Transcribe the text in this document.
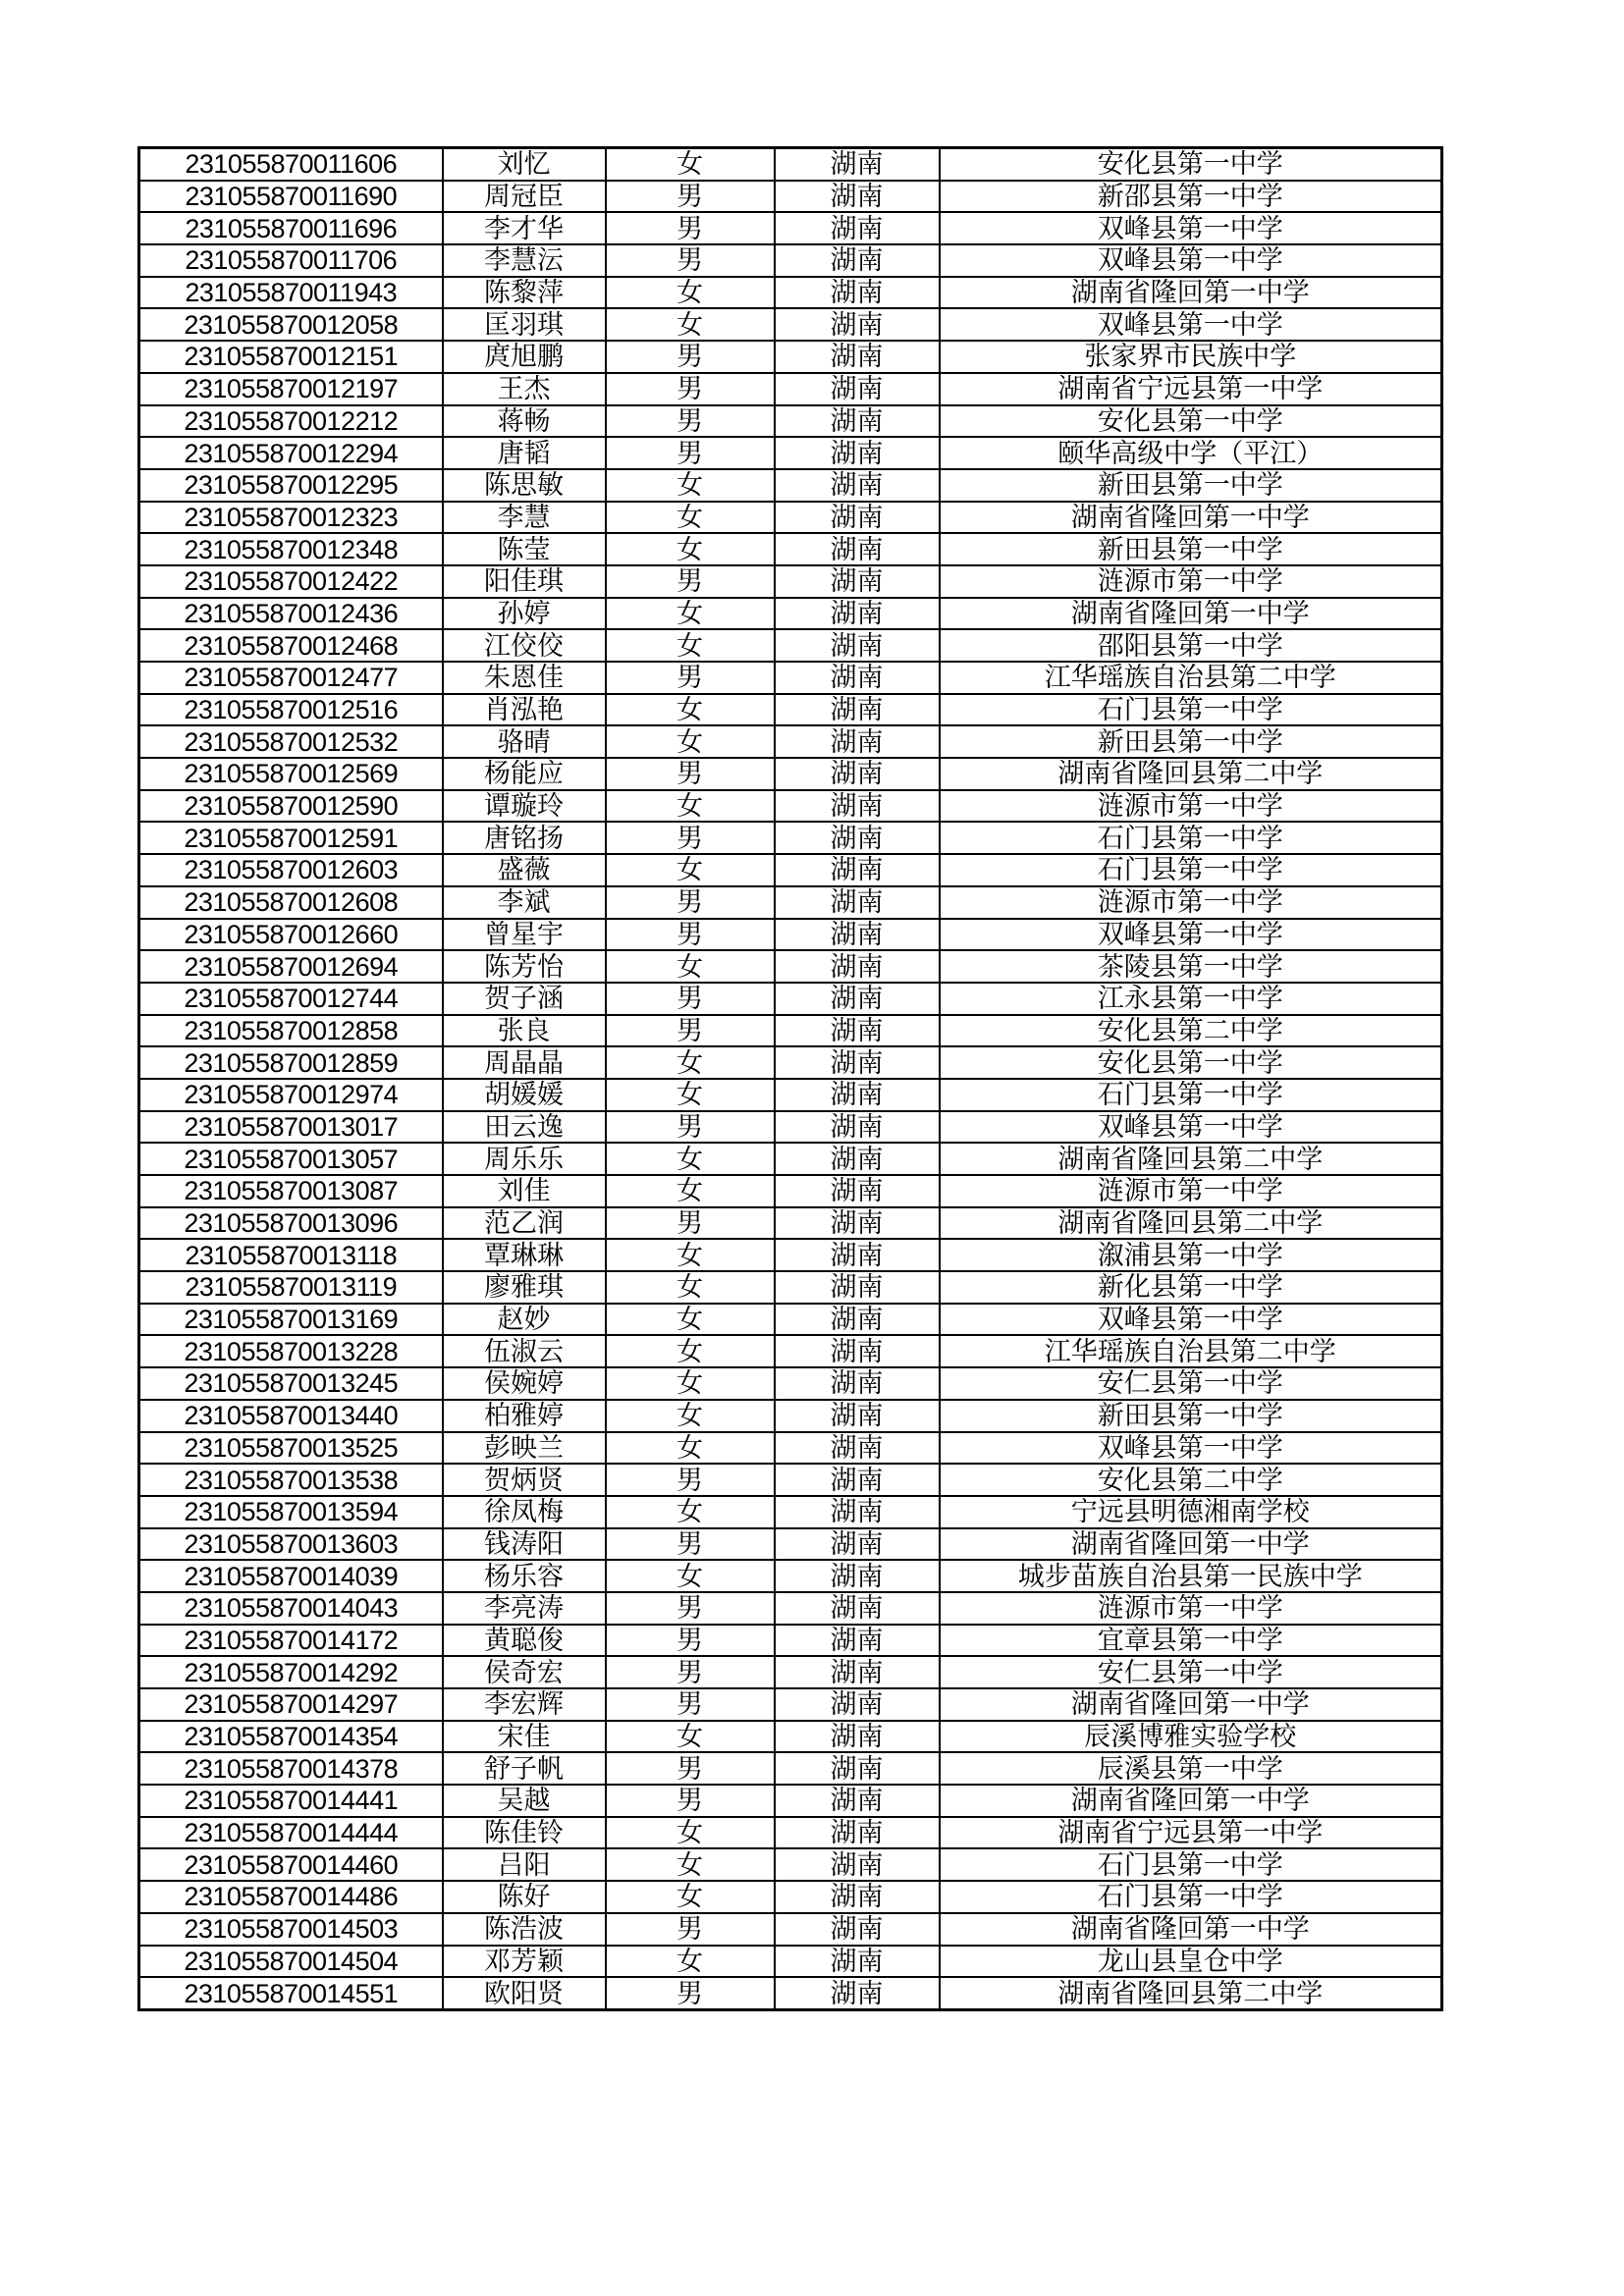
231055870011606	刘忆	女	湖南	安化县第一中学
231055870011690	周冠臣	男	湖南	新邵县第一中学
231055870011696	李才华	男	湖南	双峰县第一中学
231055870011706	李慧沄	男	湖南	双峰县第一中学
231055870011943	陈黎萍	女	湖南	湖南省隆回第一中学
231055870012058	匡羽琪	女	湖南	双峰县第一中学
231055870012151	庹旭鹏	男	湖南	张家界市民族中学
231055870012197	王杰	男	湖南	湖南省宁远县第一中学
231055870012212	蒋畅	男	湖南	安化县第一中学
231055870012294	唐韬	男	湖南	颐华高级中学（平江）
231055870012295	陈思敏	女	湖南	新田县第一中学
231055870012323	李慧	女	湖南	湖南省隆回第一中学
231055870012348	陈莹	女	湖南	新田县第一中学
231055870012422	阳佳琪	男	湖南	涟源市第一中学
231055870012436	孙婷	女	湖南	湖南省隆回第一中学
231055870012468	江佼佼	女	湖南	邵阳县第一中学
231055870012477	朱恩佳	男	湖南	江华瑶族自治县第二中学
231055870012516	肖泓艳	女	湖南	石门县第一中学
231055870012532	骆晴	女	湖南	新田县第一中学
231055870012569	杨能应	男	湖南	湖南省隆回县第二中学
231055870012590	谭璇玲	女	湖南	涟源市第一中学
231055870012591	唐铭扬	男	湖南	石门县第一中学
231055870012603	盛薇	女	湖南	石门县第一中学
231055870012608	李斌	男	湖南	涟源市第一中学
231055870012660	曾星宇	男	湖南	双峰县第一中学
231055870012694	陈芳怡	女	湖南	茶陵县第一中学
231055870012744	贺子涵	男	湖南	江永县第一中学
231055870012858	张良	男	湖南	安化县第二中学
231055870012859	周晶晶	女	湖南	安化县第一中学
231055870012974	胡媛媛	女	湖南	石门县第一中学
231055870013017	田云逸	男	湖南	双峰县第一中学
231055870013057	周乐乐	女	湖南	湖南省隆回县第二中学
231055870013087	刘佳	女	湖南	涟源市第一中学
231055870013096	范乙润	男	湖南	湖南省隆回县第二中学
231055870013118	覃琳琳	女	湖南	溆浦县第一中学
231055870013119	廖雅琪	女	湖南	新化县第一中学
231055870013169	赵妙	女	湖南	双峰县第一中学
231055870013228	伍淑云	女	湖南	江华瑶族自治县第二中学
231055870013245	侯婉婷	女	湖南	安仁县第一中学
231055870013440	柏雅婷	女	湖南	新田县第一中学
231055870013525	彭映兰	女	湖南	双峰县第一中学
231055870013538	贺炳贤	男	湖南	安化县第二中学
231055870013594	徐凤梅	女	湖南	宁远县明德湘南学校
231055870013603	钱涛阳	男	湖南	湖南省隆回第一中学
231055870014039	杨乐容	女	湖南	城步苗族自治县第一民族中学
231055870014043	李亮涛	男	湖南	涟源市第一中学
231055870014172	黄聪俊	男	湖南	宜章县第一中学
231055870014292	侯奇宏	男	湖南	安仁县第一中学
231055870014297	李宏辉	男	湖南	湖南省隆回第一中学
231055870014354	宋佳	女	湖南	辰溪博雅实验学校
231055870014378	舒子帆	男	湖南	辰溪县第一中学
231055870014441	吴越	男	湖南	湖南省隆回第一中学
231055870014444	陈佳铃	女	湖南	湖南省宁远县第一中学
231055870014460	吕阳	女	湖南	石门县第一中学
231055870014486	陈好	女	湖南	石门县第一中学
231055870014503	陈浩波	男	湖南	湖南省隆回第一中学
231055870014504	邓芳颖	女	湖南	龙山县皇仓中学
231055870014551	欧阳贤	男	湖南	湖南省隆回县第二中学
